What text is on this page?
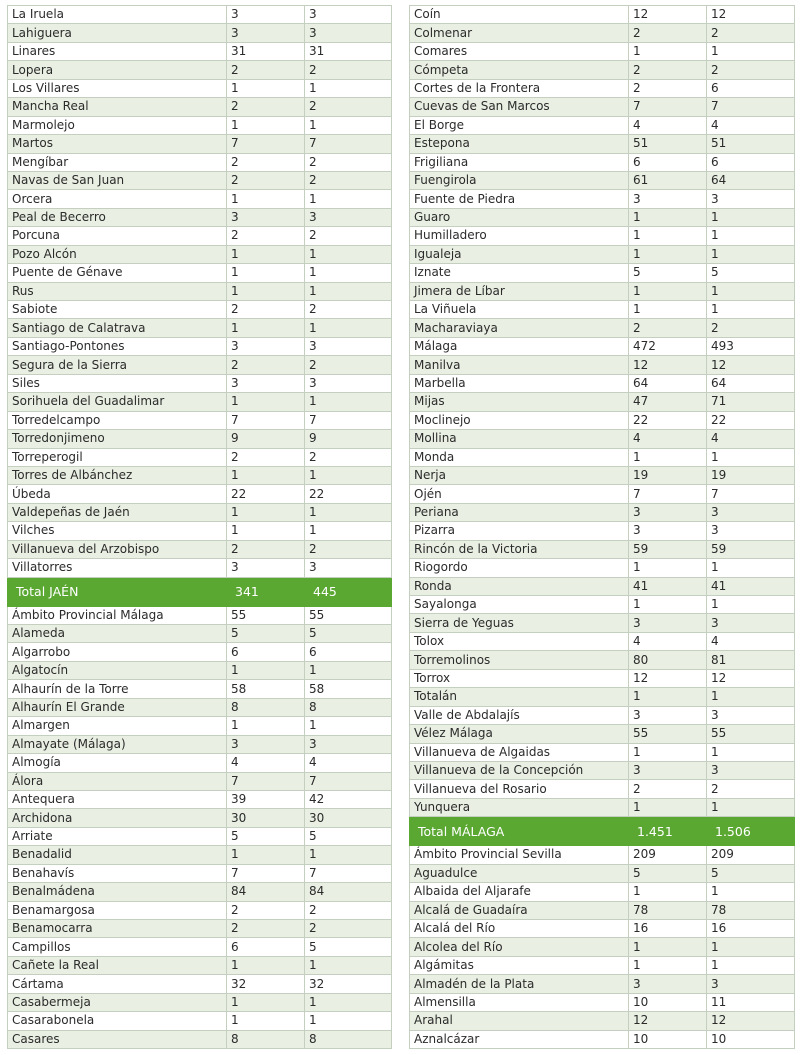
La Iruela	3	3
Lahiguera	3	3
Linares	31	31
Lopera	2	2
Los Villares	1	1
Mancha Real	2	2
Marmolejo	1	1
Martos	7	7
Mengíbar	2	2
Navas de San Juan	2	2
Orcera	1	1
Peal de Becerro	3	3
Porcuna	2	2
Pozo Alcón	1	1
Puente de Génave	1	1
Rus	1	1
Sabiote	2	2
Santiago de Calatrava	1	1
Santiago-Pontones	3	3
Segura de la Sierra	2	2
Siles	3	3
Sorihuela del Guadalimar	1	1
Torredelcampo	7	7
Torredonjimeno	9	9
Torreperogil	2	2
Torres de Albánchez	1	1
Úbeda	22	22
Valdepeñas de Jaén	1	1
Vilches	1	1
Villanueva del Arzobispo	2	2
Villatorres	3	3
Total JAÉN	341	445
Ámbito Provincial Málaga	55	55
Alameda	5	5
Algarrobo	6	6
Algatocín	1	1
Alhaurín de la Torre	58	58
Alhaurín El Grande	8	8
Almargen	1	1
Almayate (Málaga)	3	3
Almogía	4	4
Álora	7	7
Antequera	39	42
Archidona	30	30
Arriate	5	5
Benadalid	1	1
Benahavís	7	7
Benalmádena	84	84
Benamargosa	2	2
Benamocarra	2	2
Campillos	6	5
Cañete la Real	1	1
Cártama	32	32
Casabermeja	1	1
Casarabonela	1	1
Casares	8	8
Coín	12	12
Colmenar	2	2
Comares	1	1
Cómpeta	2	2
Cortes de la Frontera	2	6
Cuevas de San Marcos	7	7
El Borge	4	4
Estepona	51	51
Frigiliana	6	6
Fuengirola	61	64
Fuente de Piedra	3	3
Guaro	1	1
Humilladero	1	1
Igualeja	1	1
Iznate	5	5
Jimera de Líbar	1	1
La Viñuela	1	1
Macharaviaya	2	2
Málaga	472	493
Manilva	12	12
Marbella	64	64
Mijas	47	71
Moclinejo	22	22
Mollina	4	4
Monda	1	1
Nerja	19	19
Ojén	7	7
Periana	3	3
Pizarra	3	3
Rincón de la Victoria	59	59
Riogordo	1	1
Ronda	41	41
Sayalonga	1	1
Sierra de Yeguas	3	3
Tolox	4	4
Torremolinos	80	81
Torrox	12	12
Totalán	1	1
Valle de Abdalajís	3	3
Vélez Málaga	55	55
Villanueva de Algaidas	1	1
Villanueva de la Concepción	3	3
Villanueva del Rosario	2	2
Yunquera	1	1
Total MÁLAGA	1.451	1.506
Ámbito Provincial Sevilla	209	209
Aguadulce	5	5
Albaida del Aljarafe	1	1
Alcalá de Guadaíra	78	78
Alcalá del Río	16	16
Alcolea del Río	1	1
Algámitas	1	1
Almadén de la Plata	3	3
Almensilla	10	11
Arahal	12	12
Aznalcázar	10	10
